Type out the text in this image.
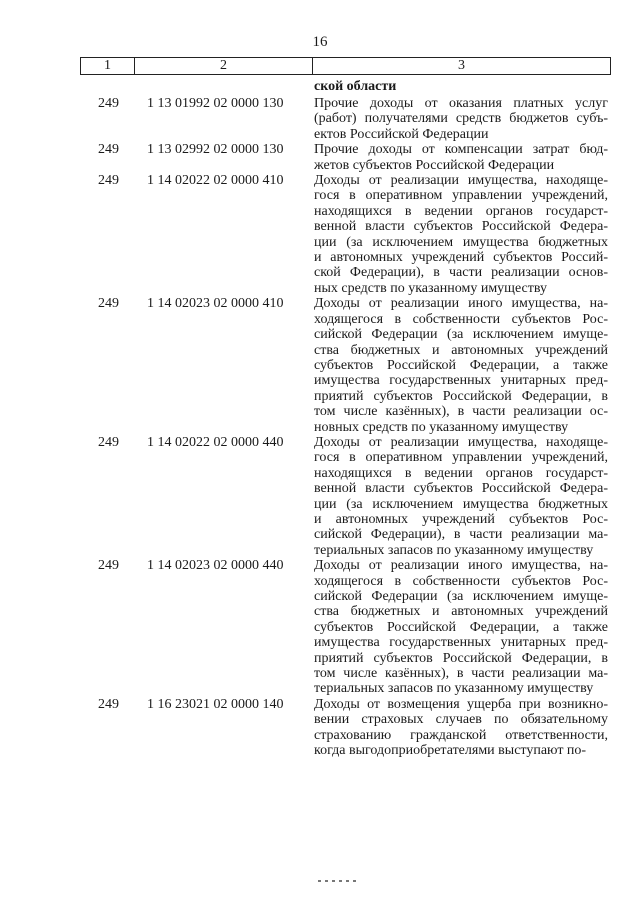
16
1	2	3
ской области
249 1 13 01992 02 0000 130 Прочие доходы от оказания платных услуг
(работ) получателями средств бюджетов субъ-
ектов Российской Федерации
249 1 13 02992 02 0000 130 Прочие доходы от компенсации затрат бюд-
жетов субъектов Российской Федерации
249 1 14 02022 02 0000 410 Доходы от реализации имущества, находяще-
гося в оперативном управлении учреждений,
находящихся в ведении органов государст-
венной власти субъектов Российской Федера-
ции (за исключением имущества бюджетных
и автономных учреждений субъектов Россий-
ской Федерации), в части реализации основ-
ных средств по указанному имуществу
249 1 14 02023 02 0000 410 Доходы от реализации иного имущества, на-
ходящегося в собственности субъектов Рос-
сийской Федерации (за исключением имуще-
ства бюджетных и автономных учреждений
субъектов Российской Федерации, а также
имущества государственных унитарных пред-
приятий субъектов Российской Федерации, в
том числе казённых), в части реализации ос-
новных средств по указанному имуществу
249 1 14 02022 02 0000 440 Доходы от реализации имущества, находяще-
гося в оперативном управлении учреждений,
находящихся в ведении органов государст-
венной власти субъектов Российской Федера-
ции (за исключением имущества бюджетных
и автономных учреждений субъектов Рос-
сийской Федерации), в части реализации ма-
териальных запасов по указанному имуществу
249 1 14 02023 02 0000 440 Доходы от реализации иного имущества, на-
ходящегося в собственности субъектов Рос-
сийской Федерации (за исключением имуще-
ства бюджетных и автономных учреждений
субъектов Российской Федерации, а также
имущества государственных унитарных пред-
приятий субъектов Российской Федерации, в
том числе казённых), в части реализации ма-
териальных запасов по указанному имуществу
249 1 16 23021 02 0000 140 Доходы от возмещения ущерба при возникно-
вении страховых случаев по обязательному
страхованию гражданской ответственности,
когда выгодоприобретателями выступают по-
